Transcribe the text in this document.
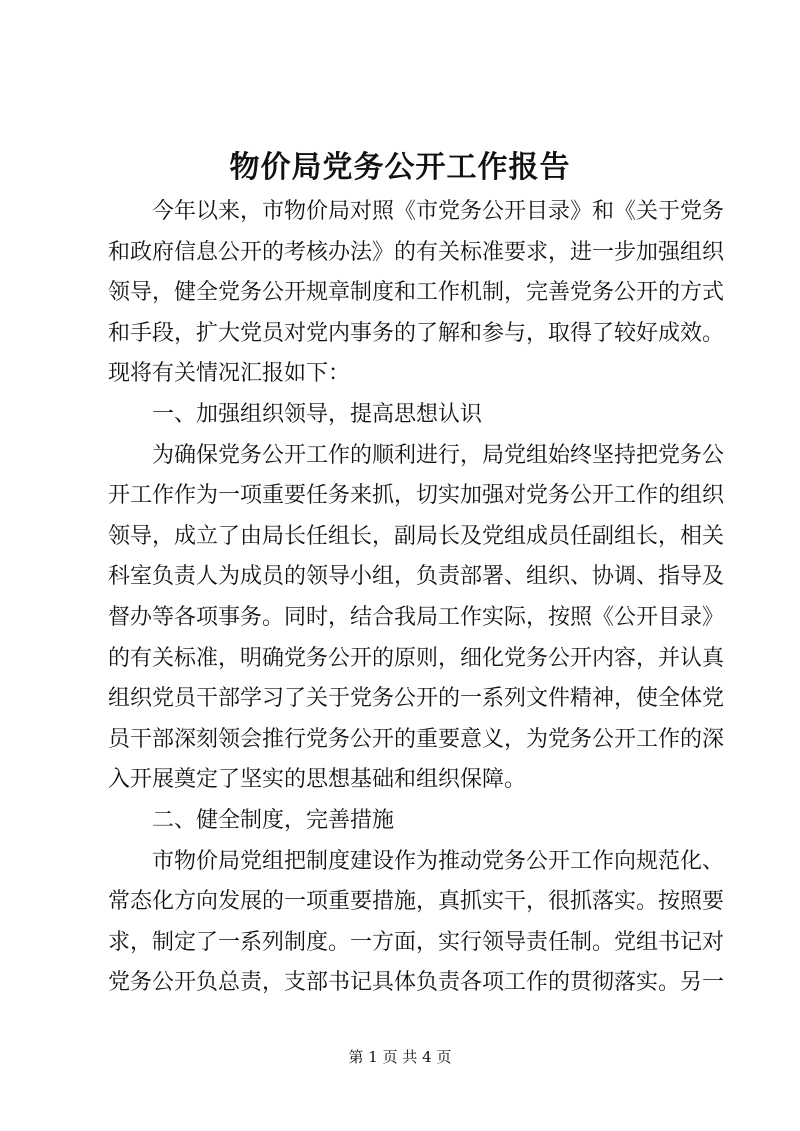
物价局党务公开工作报告
今年以来，市物价局对照《市党务公开目录》和《关于党务
和政府信息公开的考核办法》的有关标准要求，进一步加强组织
领导，健全党务公开规章制度和工作机制，完善党务公开的方式
和手段，扩大党员对党内事务的了解和参与，取得了较好成效。
现将有关情况汇报如下：
一、加强组织领导，提高思想认识
为确保党务公开工作的顺利进行，局党组始终坚持把党务公
开工作作为一项重要任务来抓，切实加强对党务公开工作的组织
领导，成立了由局长任组长，副局长及党组成员任副组长，相关
科室负责人为成员的领导小组，负责部署、组织、协调、指导及
督办等各项事务。同时，结合我局工作实际，按照《公开目录》
的有关标准，明确党务公开的原则，细化党务公开内容，并认真
组织党员干部学习了关于党务公开的一系列文件精神，使全体党
员干部深刻领会推行党务公开的重要意义，为党务公开工作的深
入开展奠定了坚实的思想基础和组织保障。
二、健全制度，完善措施
市物价局党组把制度建设作为推动党务公开工作向规范化、
常态化方向发展的一项重要措施，真抓实干，很抓落实。按照要
求，制定了一系列制度。一方面，实行领导责任制。党组书记对
党务公开负总责，支部书记具体负责各项工作的贯彻落实。另一
第 1 页 共 4 页
